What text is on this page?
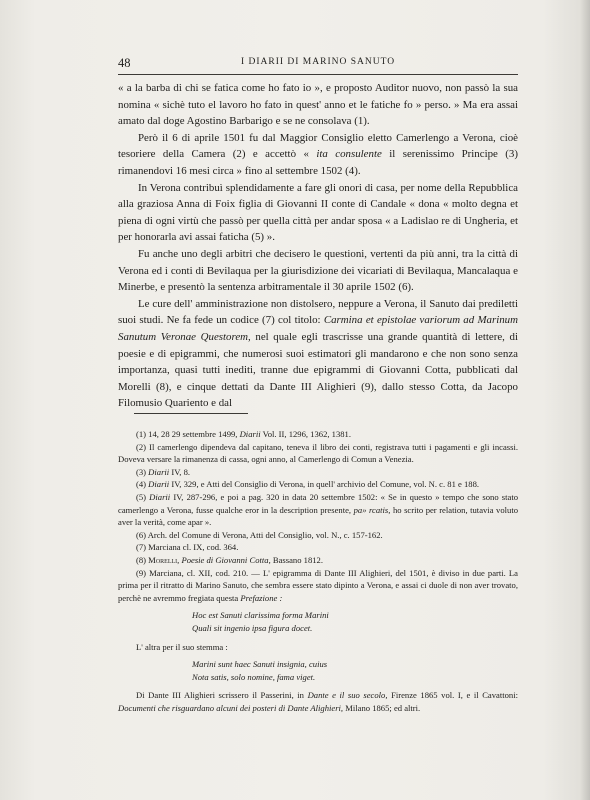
48	I DIARII DI MARINO SANUTO

« a la barba di chi se fatica come ho fato io », e proposto Auditor nuovo, non passò la sua nomina « sichè tuto el lavoro ho fato in quest' anno et le fatiche fo » perso. » Ma era assai amato dal doge Agostino Barbarigo e se ne consolava (1).

Però il 6 di aprile 1501 fu dal Maggior Consiglio eletto Camerlengo a Verona, cioè tesoriere della Camera (2) e accettò « ita consulente il serenissimo Principe (3) rimanendovi 16 mesi circa » fino al settembre 1502 (4).

In Verona contribuì splendidamente a fare gli onori di casa, per nome della Repubblica alla graziosa Anna di Foix figlia di Giovanni II conte di Candale « dona « molto degna et piena di ogni virtù che passò per quella città per andar sposa « a Ladislao re di Ungheria, et per honorarla avi assai faticha (5) ».

Fu anche uno degli arbitri che decisero le questioni, vertenti da più anni, tra la città di Verona ed i conti di Bevilaqua per la giurisdizione dei vicariati di Bevilaqua, Mancalaqua e Minerbe, e presentò la sentenza arbitramentale il 30 aprile 1502 (6).

Le cure dell' amministrazione non distolsero, neppure a Verona, il Sanuto dai prediletti suoi studi. Ne fa fede un codice (7) col titolo: Carmina et epistolae variorum ad Marinum Sanutum Veronae Questorem, nel quale egli trascrisse una grande quantità di lettere, di poesie e di epigrammi, che numerosi suoi estimatori gli mandarono e che non sono senza importanza, quasi tutti inediti, tranne due epigrammi di Giovanni Cotta, pubblicati dal Morelli (8), e cinque dettati da Dante III Alighieri (9), dallo stesso Cotta, da Jacopo Filomusio Quariento e dal

(1) 14, 28 29 settembre 1499, Diarii Vol. II, 1296, 1362, 1381.

(2) Il camerlengo dipendeva dal capitano, teneva il libro dei conti, registrava tutti i pagamenti e gli incassi. Doveva versare la rimanenza di cassa, ogni anno, al Camerlengo di Comun a Venezia.

(3) Diarii IV, 8.

(4) Diarii IV, 329, e Atti del Consiglio di Verona, in quell' archivio del Comune, vol. N. c. 81 e 188.

(5) Diarii IV, 287-296, e poi a pag. 320 in data 20 settembre 1502: « Se in questo » tempo che sono stato camerlengo a Verona, fusse qualche eror in la description presente, pa» rcatis, ho scrito per relation, tutavia voluto aver la verità, come apar ».

(6) Arch. del Comune di Verona, Atti del Consiglio, vol. N., c. 157-162.

(7) Marciana cl. IX, cod. 364.

(8) Morelli, Poesie di Giovanni Cotta, Bassano 1812.

(9) Marciana, cl. XII, cod. 210. — L' epigramma di Dante III Alighieri, del 1501, è diviso in due parti. La prima per il ritratto di Marino Sanuto, che sembra essere stato dipinto a Verona, e assai ci duole di non aver trovato, perchè ne avremmo fregiata questa Prefazione :

Hoc est Sanuti clarissima forma Marini
Quali sit ingenio ipsa figura docet.

L' altra per il suo stemma :

Marini sunt haec Sanuti insignia, cuius
Nota satis, solo nomine, fama viget.

Di Dante III Alighieri scrissero il Passerini, in Dante e il suo secolo, Firenze 1865 vol. I, e il Cavattoni: Documenti che risguardano alcuni dei posteri di Dante Alighieri, Milano 1865; ed altri.
